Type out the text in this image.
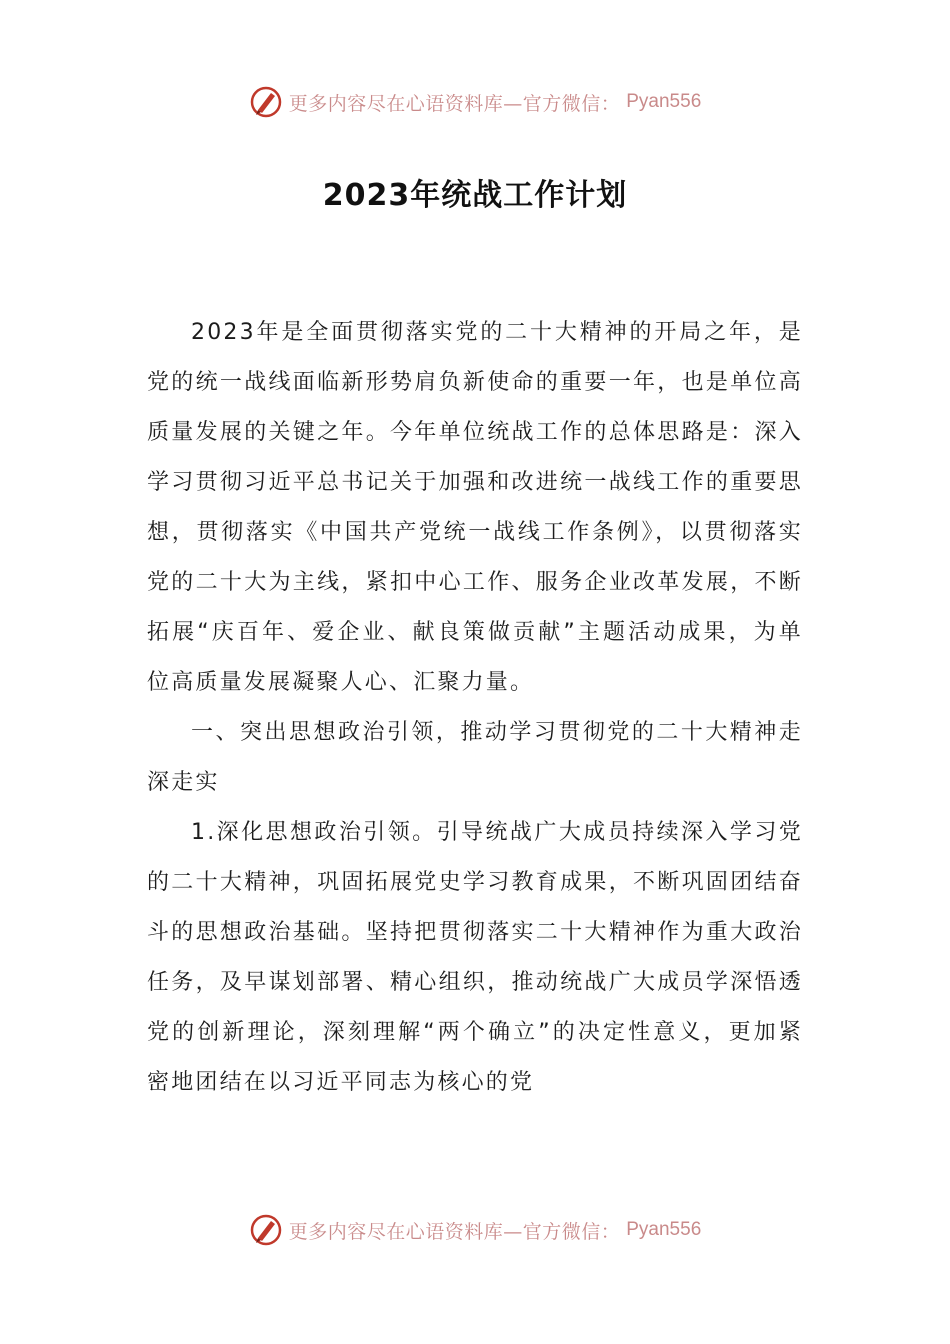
更多内容尽在心语资料库—官方微信： Pyan556
2023年统战工作计划

2023年是全面贯彻落实党的二十大精神的开局之年，是党的统一战线面临新形势肩负新使命的重要一年，也是单位高质量发展的关键之年。今年单位统战工作的总体思路是：深入学习贯彻习近平总书记关于加强和改进统一战线工作的重要思想，贯彻落实《中国共产党统一战线工作条例》，以贯彻落实党的二十大为主线，紧扣中心工作、服务企业改革发展，不断拓展“庆百年、爱企业、献良策做贡献”主题活动成果，为单位高质量发展凝聚人心、汇聚力量。

一、突出思想政治引领，推动学习贯彻党的二十大精神走深走实

1.深化思想政治引领。引导统战广大成员持续深入学习党的二十大精神，巩固拓展党史学习教育成果，不断巩固团结奋斗的思想政治基础。坚持把贯彻落实二十大精神作为重大政治任务，及早谋划部署、精心组织，推动统战广大成员学深悟透党的创新理论，深刻理解“两个确立”的决定性意义，更加紧密地团结在以习近平同志为核心的党

更多内容尽在心语资料库—官方微信： Pyan556
